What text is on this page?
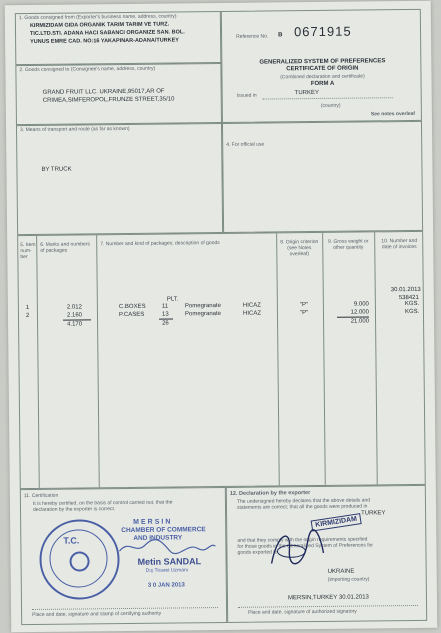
1. Goods consigned from (Exporter's business name, address, country)
KIRMIZIDAM GIDA ORGANIK TARIM TARIM VE TURZ.
TIC.LTD.STI. ADANA HACI SABANCI ORGANIZE SAN. BOL.
YUNUS EMRE CAD. NO:16 YAKAPINAR-ADANA/TURKEY
Reference No. B 0671915
GENERALIZED SYSTEM OF PREFERENCES
CERTIFICATE OF ORIGIN
(Combined declaration and certificate)
FORM A
Issued in	TURKEY
(country)
See notes overleaf
2. Goods consigned to (Consignee's name, address, country)
GRAND FRUIT LLC. UKRAINE,95017,AR OF
CRIMEA,SIMFEROPOL,FRUNZE STREET,35/10
3. Means of transport and route (as far as known)
BY TRUCK
4. For official use
5. Item num- ber
6. Marks and numbers of packages
7. Number and kind of packages; description of goods	8. Origin criterion (see Notes overleaf)
9. Gross weight or other quantity
10. Number and date of invoices
PLT.
1	2.012	C.BOXES	11	Pomegranate	HICAZ	"P"	9.000	KGS.
2	2.160	P.CASES	13	Pomegranate	HICAZ	"P"	12.000	KGS.
4.170	26	21.000
30.01.2013
538421
11. Certification
It is hereby certified, on the basis of control carried out, that the
declaration by the exporter is correct.
T.C.
MERSIN
CHAMBER OF COMMERCE
AND INDUSTRY
Metin SANDAL
Dış Ticaret Uzmanı
3 0 JAN 2013
Place and date, signature and stamp of certifying authority
12. Declaration by the exporter
The undersigned hereby declares that the above details and
statements are correct; that all the goods were produced in
TURKEY
and that they comply with the origin requirements specified
for those goods in the Generalized System of Preferences for
goods exported to
UKRAINE
(importing country)
KIRMIZIDAM
MERSIN,TURKEY 30.01.2013
Place and date, signature of authorized signatory
